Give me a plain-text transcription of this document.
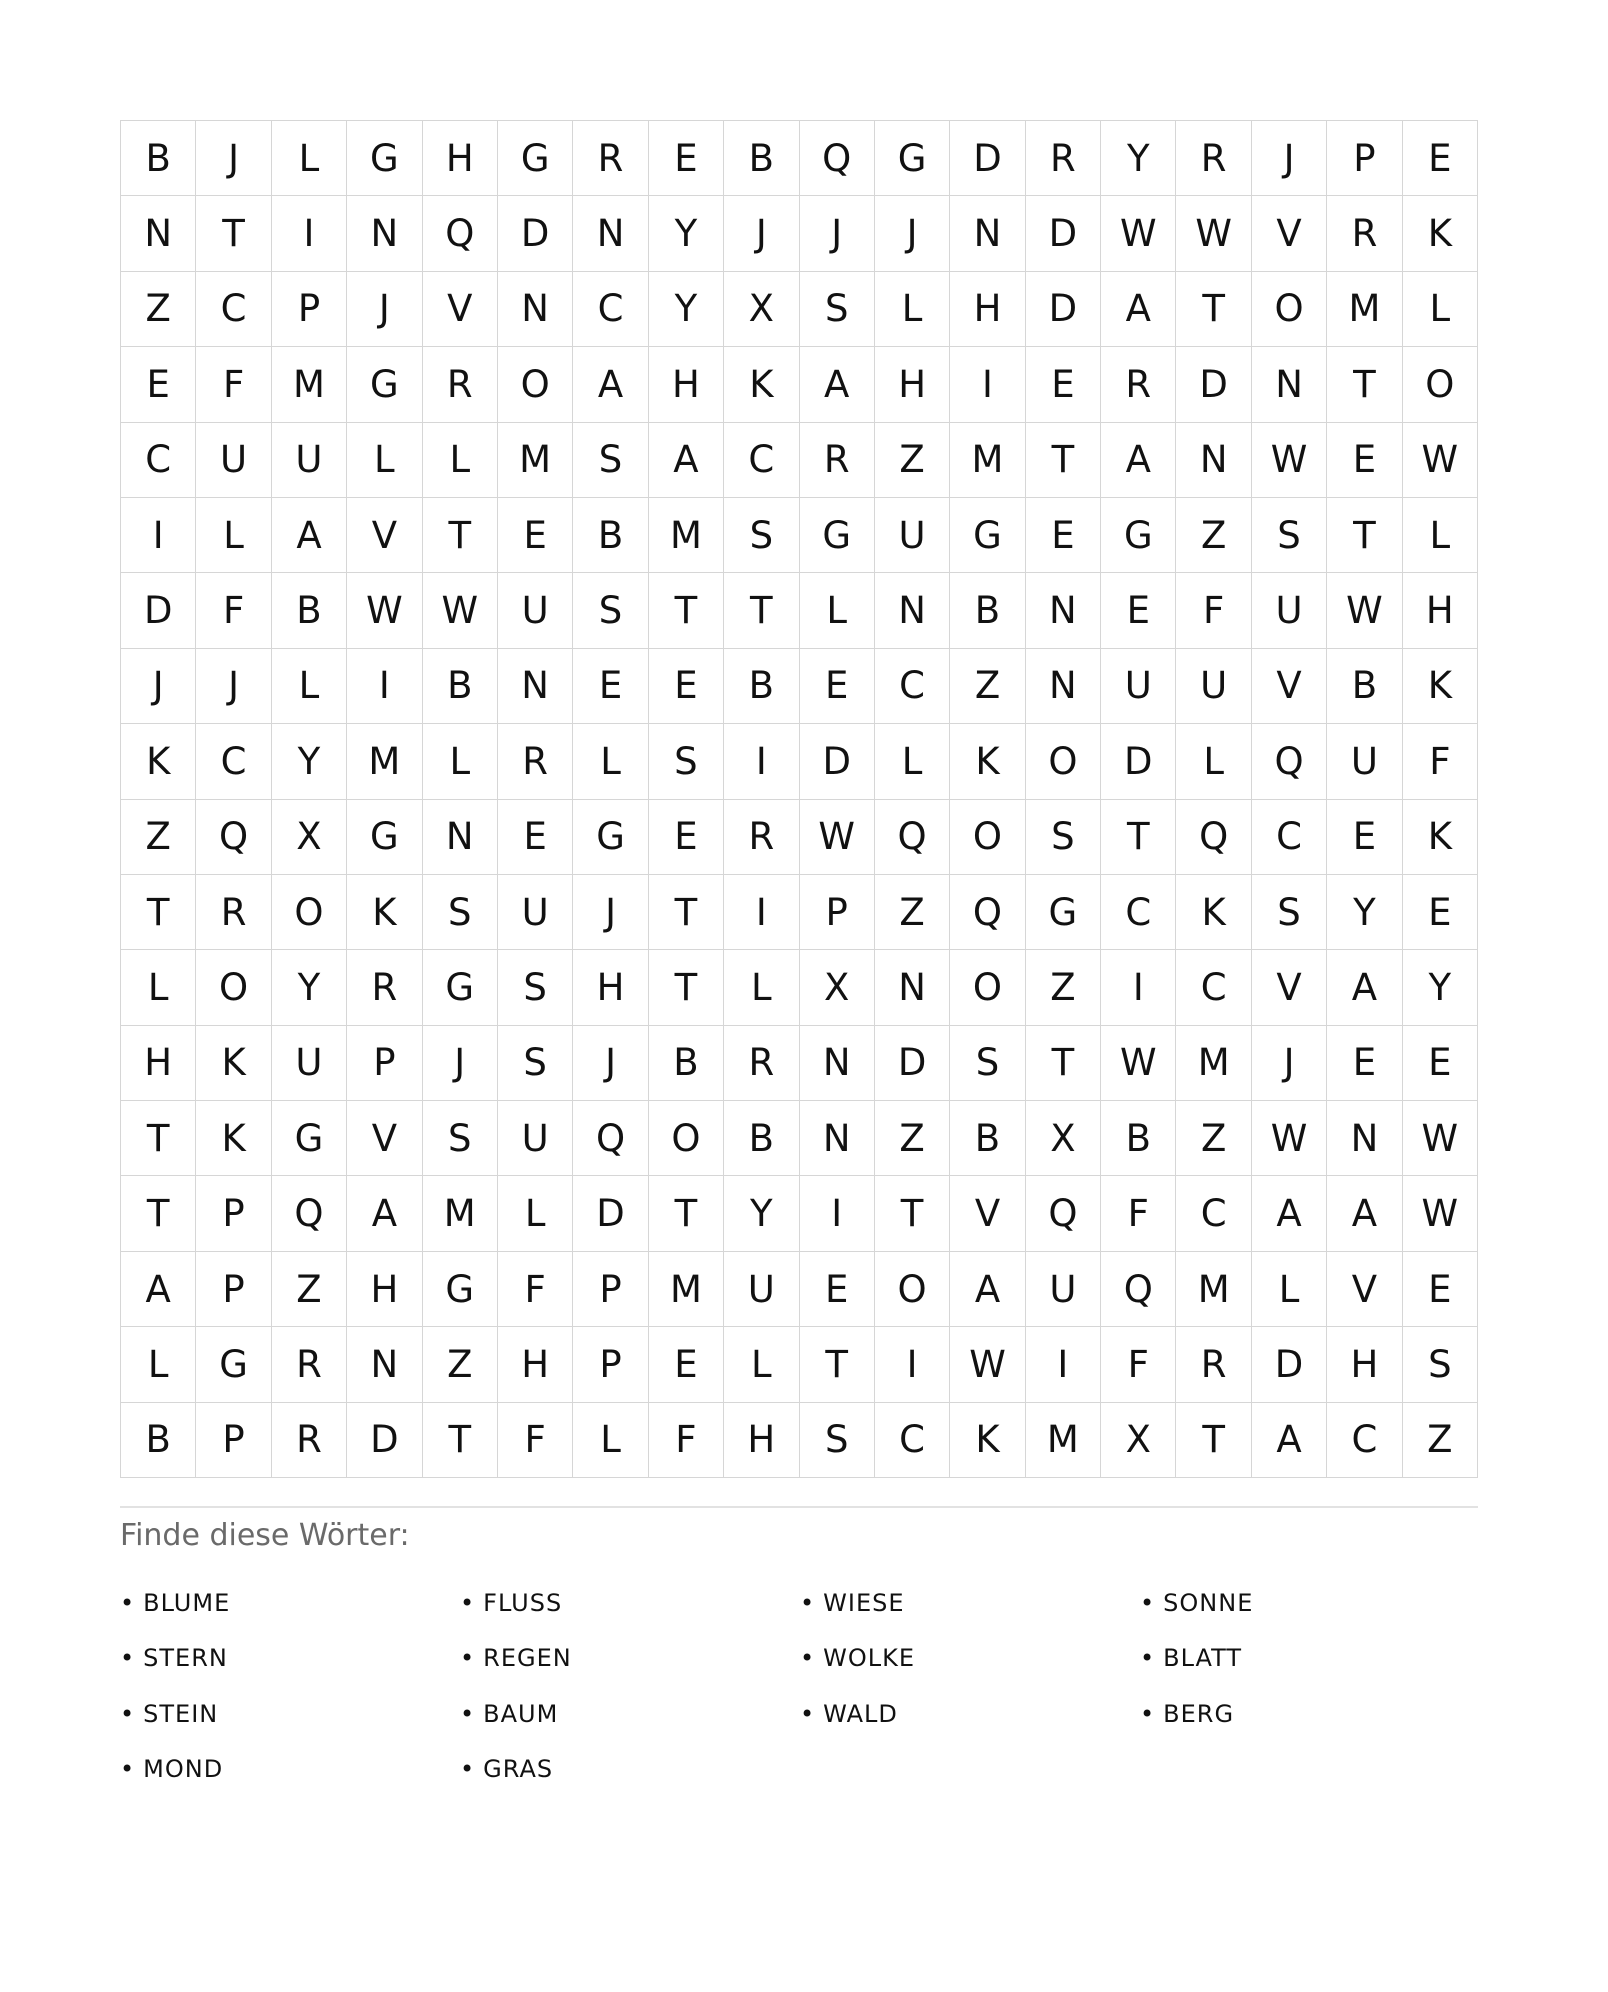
B	J	L	G	H	G	R	E	B	Q	G	D	R	Y	R	J	P	E
N	T	I	N	Q	D	N	Y	J	J	J	N	D	W	W	V	R	K
Z	C	P	J	V	N	C	Y	X	S	L	H	D	A	T	O	M	L
E	F	M	G	R	O	A	H	K	A	H	I	E	R	D	N	T	O
C	U	U	L	L	M	S	A	C	R	Z	M	T	A	N	W	E	W
I	L	A	V	T	E	B	M	S	G	U	G	E	G	Z	S	T	L
D	F	B	W	W	U	S	T	T	L	N	B	N	E	F	U	W	H
J	J	L	I	B	N	E	E	B	E	C	Z	N	U	U	V	B	K
K	C	Y	M	L	R	L	S	I	D	L	K	O	D	L	Q	U	F
Z	Q	X	G	N	E	G	E	R	W	Q	O	S	T	Q	C	E	K
T	R	O	K	S	U	J	T	I	P	Z	Q	G	C	K	S	Y	E
L	O	Y	R	G	S	H	T	L	X	N	O	Z	I	C	V	A	Y
H	K	U	P	J	S	J	B	R	N	D	S	T	W	M	J	E	E
T	K	G	V	S	U	Q	O	B	N	Z	B	X	B	Z	W	N	W
T	P	Q	A	M	L	D	T	Y	I	T	V	Q	F	C	A	A	W
A	P	Z	H	G	F	P	M	U	E	O	A	U	Q	M	L	V	E
L	G	R	N	Z	H	P	E	L	T	I	W	I	F	R	D	H	S
B	P	R	D	T	F	L	F	H	S	C	K	M	X	T	A	C	Z
Finde diese Wörter:
• BLUME	• FLUSS	• WIESE	• SONNE
• STERN	• REGEN	• WOLKE	• BLATT
• STEIN	• BAUM	• WALD	• BERG
• MOND	• GRAS
